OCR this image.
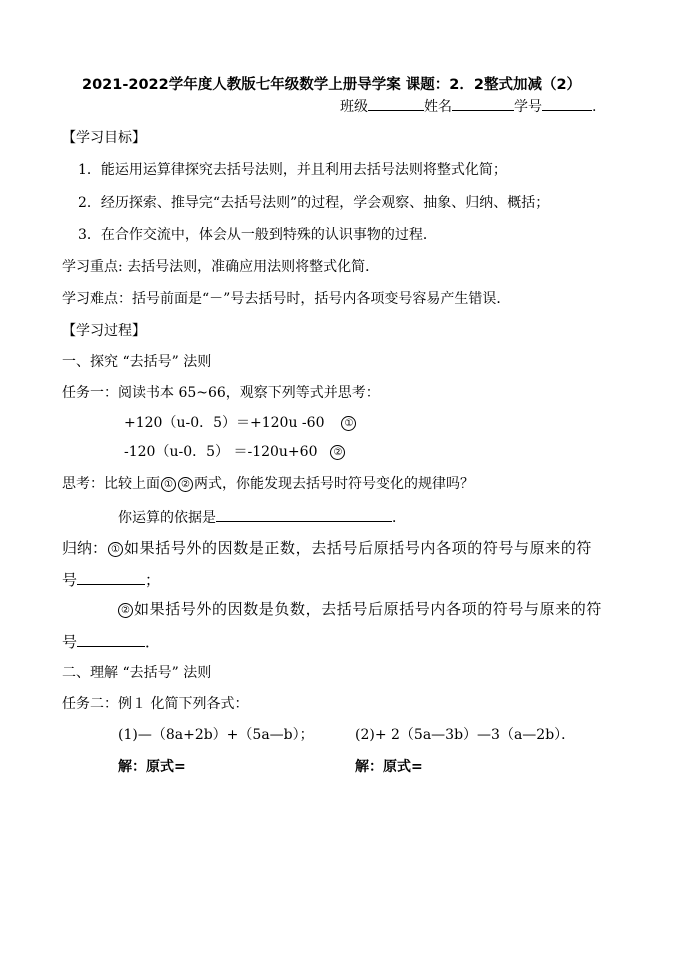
2021-2022学年度人教版七年级数学上册导学案 课题：2．2整式加减（2）
班级	姓名	学号	.
【学习目标】
1．能运用运算律探究去括号法则，并且利用去括号法则将整式化简；
2．经历探索、推导完“去括号法则”的过程，学会观察、抽象、归纳、概括；
3．在合作交流中，体会从一般到特殊的认识事物的过程．
学习重点: 去括号法则，准确应用法则将整式化简．
学习难点：括号前面是“－”号去括号时，括号内各项变号容易产生错误．
【学习过程】
一、探究 “去括号” 法则
任务一：阅读书本 65~66，观察下列等式并思考：
+120（u-0．5）＝+120u -60 ①
-120（u-0．5） ＝-120u+60 ②
思考：比较上面 ① ② 两式，你能发现去括号时符号变化的规律吗？
你运算的依据是	．
归纳： ① 如果括号外的因数是正数，去括号后原括号内各项的符号与原来的符
号	；
② 如果括号外的因数是负数，去括号后原括号内各项的符号与原来的符
号	．
二、理解 “去括号” 法则
任务二：例１ 化简下列各式：
(1)—（8a+2b）+（5a—b）；	(2)+ 2（5a—3b）—3（a—2b）．
解：原式=	解：原式=
